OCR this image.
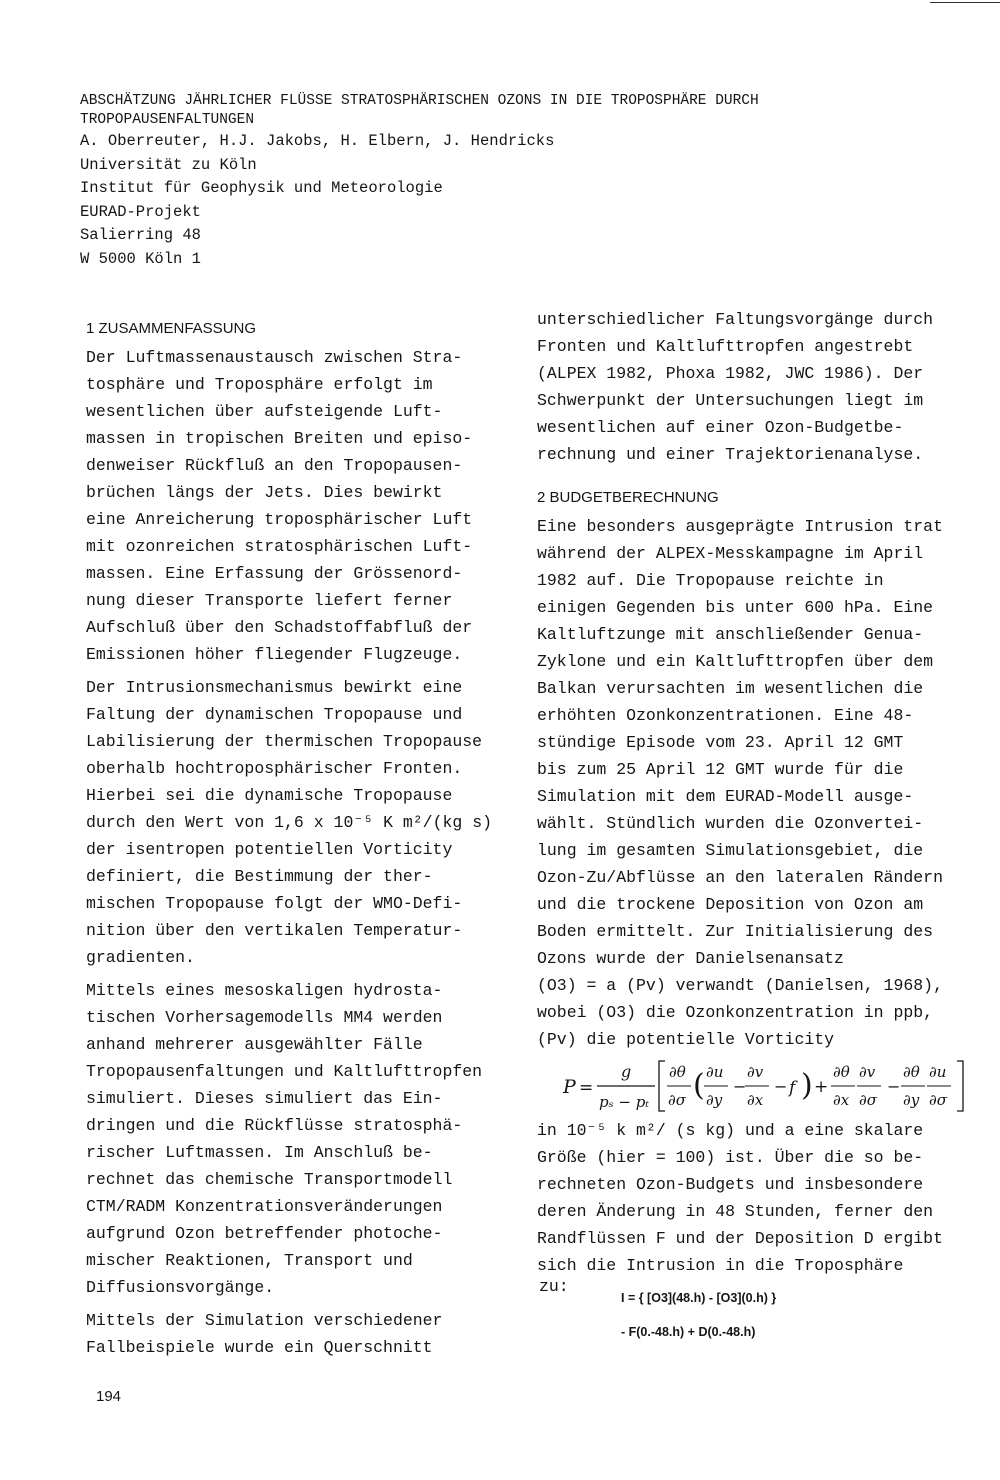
ABSCHÄTZUNG JÄHRLICHER FLÜSSE STRATOSPHÄRISCHEN OZONS IN DIE TROPOSPHÄRE DURCH
TROPOPAUSENFALTUNGEN
A. Oberreuter, H.J. Jakobs, H. Elbern, J. Hendricks
Universität zu Köln
Institut für Geophysik und Meteorologie
EURAD-Projekt
Salierring 48
W 5000 Köln 1
1 ZUSAMMENFASSUNG
Der Luftmassenaustausch zwischen Stra-
tosphäre und Troposphäre erfolgt im
wesentlichen über aufsteigende Luft-
massen in tropischen Breiten und episo-
denweiser Rückfluß an den Tropopausen-
brüchen längs der Jets. Dies bewirkt
eine Anreicherung troposphärischer Luft
mit ozonreichen stratosphärischen Luft-
massen. Eine Erfassung der Grössenord-
nung dieser Transporte liefert ferner
Aufschluß über den Schadstoffabfluß der
Emissionen höher fliegender Flugzeuge.
Der Intrusionsmechanismus bewirkt eine
Faltung der dynamischen Tropopause und
Labilisierung der thermischen Tropopause
oberhalb hochtroposphärischer Fronten.
Hierbei sei die dynamische Tropopause
durch den Wert von 1,6 x 10⁻⁵ K m²/(kg s)
der isentropen potentiellen Vorticity
definiert, die Bestimmung der ther-
mischen Tropopause folgt der WMO-Defi-
nition über den vertikalen Temperatur-
gradienten.
Mittels eines mesoskaligen hydrosta-
tischen Vorhersagemodells MM4 werden
anhand mehrerer ausgewählter Fälle
Tropopausenfaltungen und Kaltlufttropfen
simuliert. Dieses simuliert das Ein-
dringen und die Rückflüsse stratosphä-
rischer Luftmassen. Im Anschluß be-
rechnet das chemische Transportmodell
CTM/RADM Konzentrationsveränderungen
aufgrund Ozon betreffender photoche-
mischer Reaktionen, Transport und
Diffusionsvorgänge.
Mittels der Simulation verschiedener
Fallbeispiele wurde ein Querschnitt
unterschiedlicher Faltungsvorgänge durch
Fronten und Kaltlufttropfen angestrebt
(ALPEX 1982, Phoxa 1982, JWC 1986). Der
Schwerpunkt der Untersuchungen liegt im
wesentlichen auf einer Ozon-Budgetbe-
rechnung und einer Trajektorienanalyse.
2 BUDGETBERECHNUNG
Eine besonders ausgeprägte Intrusion trat
während der ALPEX-Messkampagne im April
1982 auf. Die Tropopause reichte in
einigen Gegenden bis unter 600 hPa. Eine
Kaltluftzunge mit anschließender Genua-
Zyklone und ein Kaltlufttropfen über dem
Balkan verursachten im wesentlichen die
erhöhten Ozonkonzentrationen. Eine 48-
stündige Episode vom 23. April 12 GMT
bis zum 25 April 12 GMT wurde für die
Simulation mit dem EURAD-Modell ausge-
wählt. Stündlich wurden die Ozonvertei-
lung im gesamten Simulationsgebiet, die
Ozon-Zu/Abflüsse an den lateralen Rändern
und die trockene Deposition von Ozon am
Boden ermittelt. Zur Initialisierung des
Ozons wurde der Danielsenansatz
(O3) = a (Pv) verwandt (Danielsen, 1968),
wobei (O3) die Ozonkonzentration in ppb,
(Pv) die potentielle Vorticity
P =
g
pₛ − pₜ
∂θ
∂σ ( ∂u
∂y
−
∂v
∂x
− f ) +
∂θ
∂x
∂v
∂σ
−
∂θ
∂y
∂u
∂σ
in 10⁻⁵ k m²/ (s kg) und a eine skalare
Größe (hier = 100) ist. Über die so be-
rechneten Ozon-Budgets und insbesondere
deren Änderung in 48 Stunden, ferner den
Randflüssen F und der Deposition D ergibt
sich die Intrusion in die Troposphäre
zu:
I = { [O3](48.h) - [O3](0.h) }
- F(0.-48.h) + D(0.-48.h)
194
